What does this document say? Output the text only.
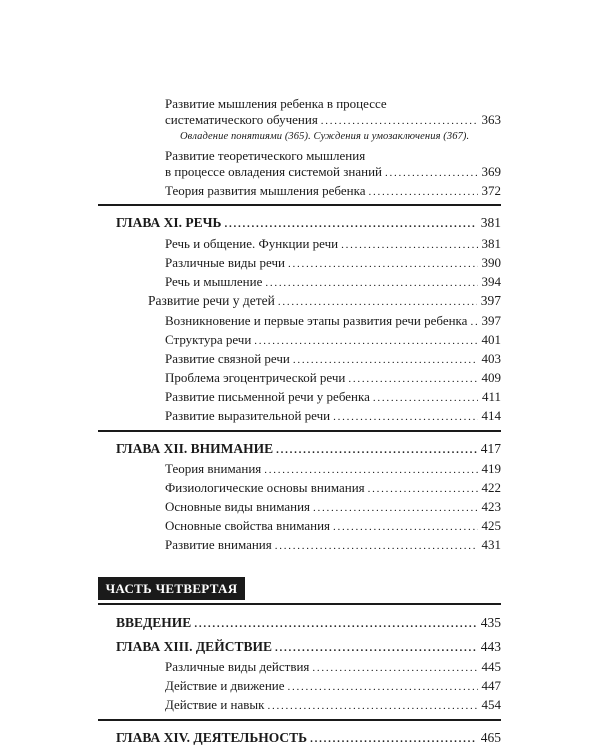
Развитие мышления ребенка в процессе
систематического обучения . . .	363
Овладение понятиями (365). Суждения и умозаключения (367).
Развитие теоретического мышления
в процессе овладения системой знаний . . .	369
Теория развития мышления ребенка . . .	372
ГЛАВА XI. РЕЧЬ . . .	381
Речь и общение. Функции речи . . .	381
Различные виды речи . . .	390
Речь и мышление . . .	394
Развитие речи у детей . . .	397
Возникновение и первые этапы развития речи ребенка . . . 397
Структура речи . . .	401
Развитие связной речи . . .	403
Проблема эгоцентрической речи . . .	409
Развитие письменной речи у ребенка . . .	411
Развитие выразительной речи . . .	414
ГЛАВА XII. ВНИМАНИЕ . . .	417
Теория внимания . . .	419
Физиологические основы внимания . . .	422
Основные виды внимания . . .	423
Основные свойства внимания . . .	425
Развитие внимания . . .	431
ЧАСТЬ ЧЕТВЕРТАЯ
ВВЕДЕНИЕ . . .	435
ГЛАВА XIII. ДЕЙСТВИЕ . . .	443
Различные виды действия . . .	445
Действие и движение . . .	447
Действие и навык . . .	454
ГЛАВА XIV. ДЕЯТЕЛЬНОСТЬ . . .	465
